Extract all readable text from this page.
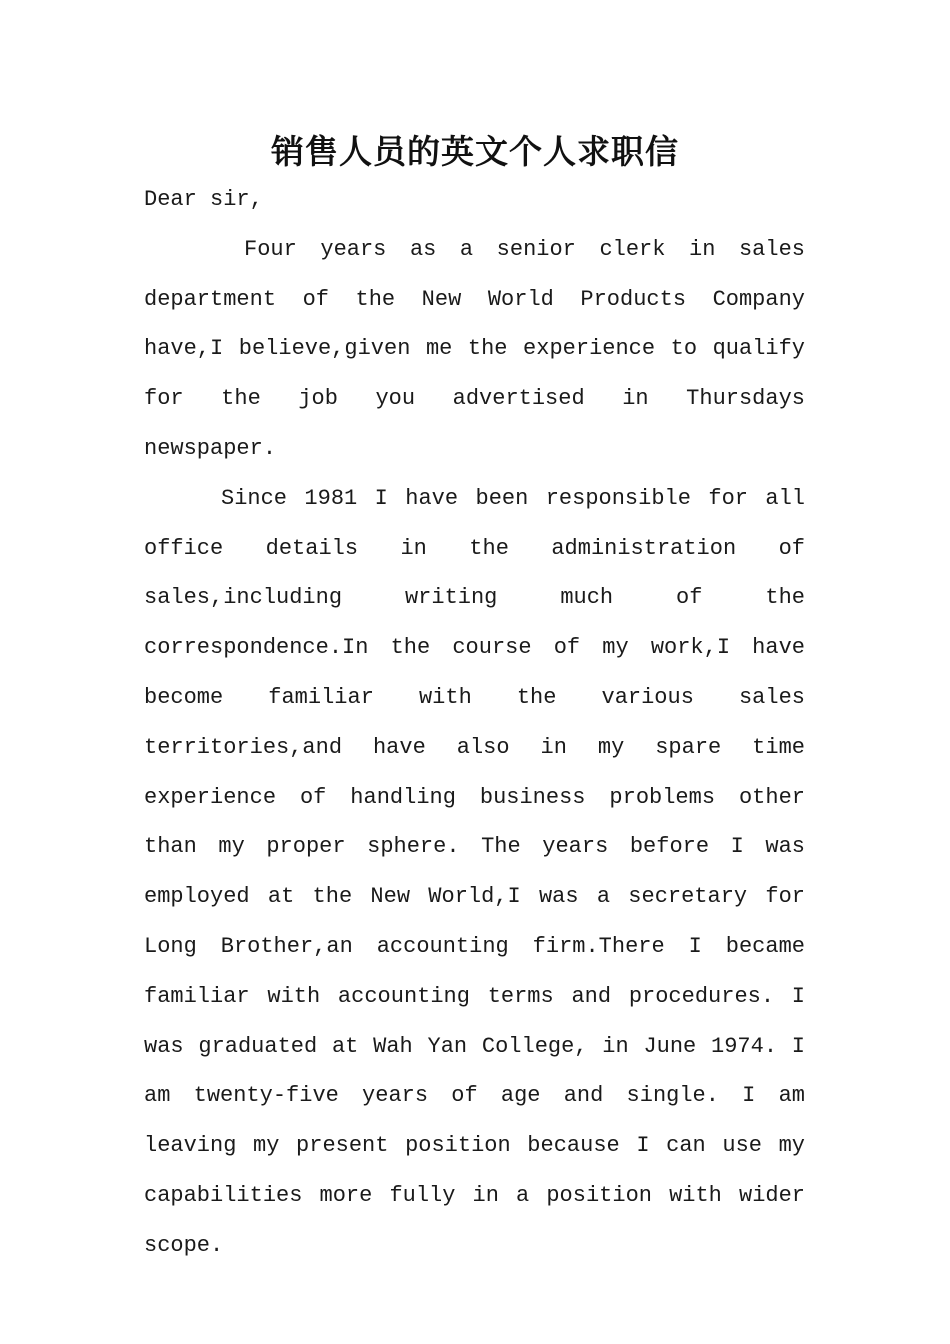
销售人员的英文个人求职信

Dear sir,

Four years as a senior clerk in sales department of the New World Products Company have,I believe,given me the experience to qualify for the job you advertised in Thursdays newspaper.

Since 1981 I have been responsible for all office details in the administration of sales,including writing much of the correspondence.In the course of my work,I have become familiar with the various sales territories,and have also in my spare time experience of handling business problems other than my proper sphere. The years before I was employed at the New World,I was a secretary for Long Brother,an accounting firm.There I became familiar with accounting terms and procedures. I was graduated at Wah Yan College, in June 1974. I am twenty-five years of age and single. I am leaving my present position because I can use my capabilities more fully in a position with wider scope.
